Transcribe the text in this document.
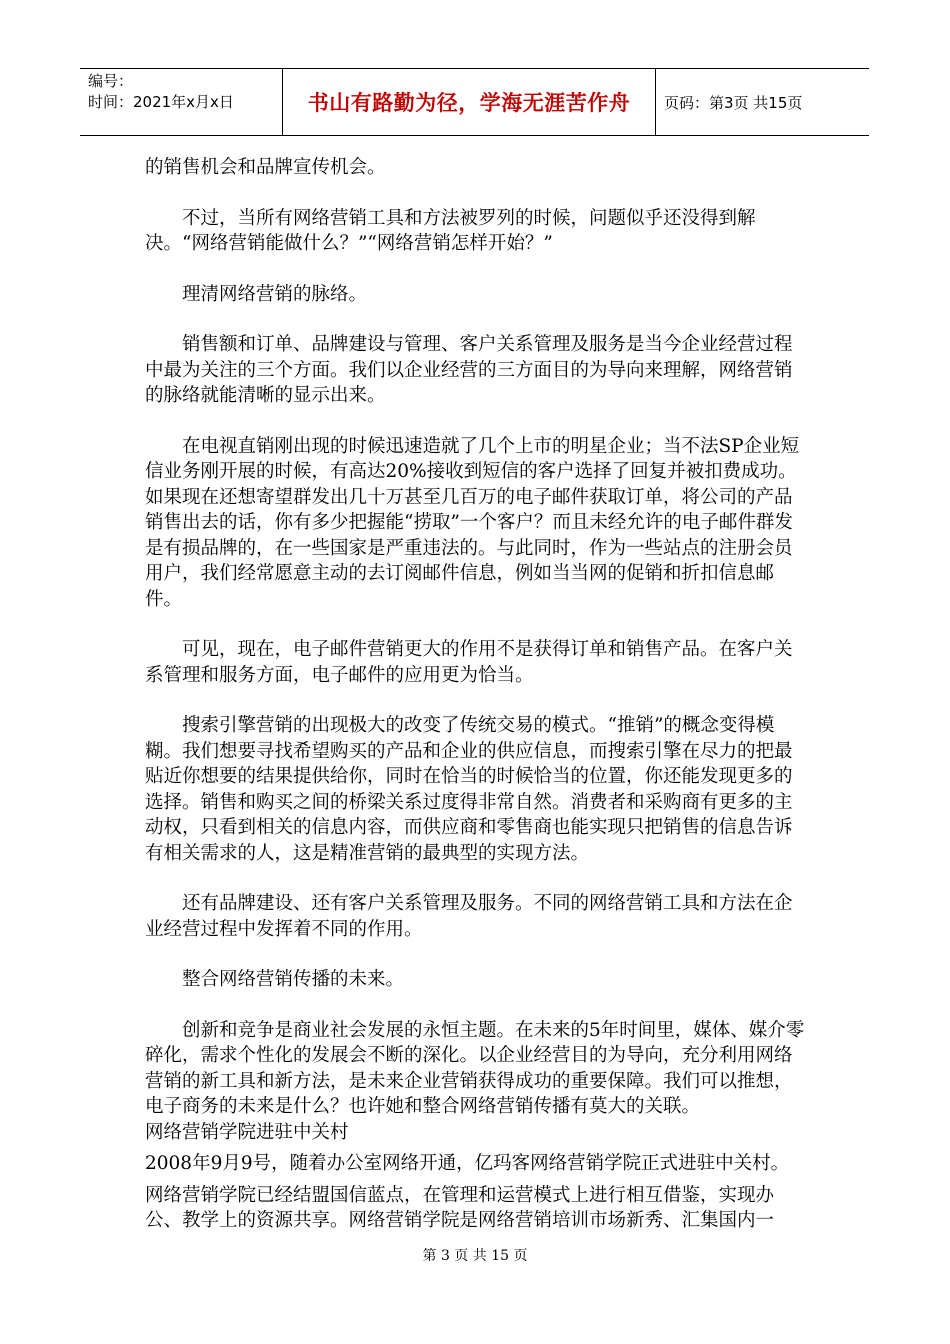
编号：
时间：2021年x月x日	书山有路勤为径，学海无涯苦作舟	页码：第3页 共15页

的销售机会和品牌宣传机会。

不过，当所有网络营销工具和方法被罗列的时候，问题似乎还没得到解决。“网络营销能做什么？”“网络营销怎样开始？”

理清网络营销的脉络。

销售额和订单、品牌建设与管理、客户关系管理及服务是当今企业经营过程中最为关注的三个方面。我们以企业经营的三方面目的为导向来理解，网络营销的脉络就能清晰的显示出来。

在电视直销刚出现的时候迅速造就了几个上市的明星企业；当不法SP企业短信业务刚开展的时候，有高达20%接收到短信的客户选择了回复并被扣费成功。如果现在还想寄望群发出几十万甚至几百万的电子邮件获取订单，将公司的产品销售出去的话，你有多少把握能“捞取”一个客户？而且未经允许的电子邮件群发是有损品牌的，在一些国家是严重违法的。与此同时，作为一些站点的注册会员用户，我们经常愿意主动的去订阅邮件信息，例如当当网的促销和折扣信息邮件。

可见，现在，电子邮件营销更大的作用不是获得订单和销售产品。在客户关系管理和服务方面，电子邮件的应用更为恰当。

搜索引擎营销的出现极大的改变了传统交易的模式。“推销”的概念变得模糊。我们想要寻找希望购买的产品和企业的供应信息，而搜索引擎在尽力的把最贴近你想要的结果提供给你，同时在恰当的时候恰当的位置，你还能发现更多的选择。销售和购买之间的桥梁关系过度得非常自然。消费者和采购商有更多的主动权，只看到相关的信息内容，而供应商和零售商也能实现只把销售的信息告诉有相关需求的人，这是精准营销的最典型的实现方法。

还有品牌建设、还有客户关系管理及服务。不同的网络营销工具和方法在企业经营过程中发挥着不同的作用。

整合网络营销传播的未来。

创新和竞争是商业社会发展的永恒主题。在未来的5年时间里，媒体、媒介零碎化，需求个性化的发展会不断的深化。以企业经营目的为导向，充分利用网络营销的新工具和新方法，是未来企业营销获得成功的重要保障。我们可以推想，电子商务的未来是什么？也许她和整合网络营销传播有莫大的关联。

网络营销学院进驻中关村

2008年9月9号，随着办公室网络开通，亿玛客网络营销学院正式进驻中关村。

网络营销学院已经结盟国信蓝点，在管理和运营模式上进行相互借鉴，实现办公、教学上的资源共享。网络营销学院是网络营销培训市场新秀、汇集国内一

第 3 页 共 15 页
